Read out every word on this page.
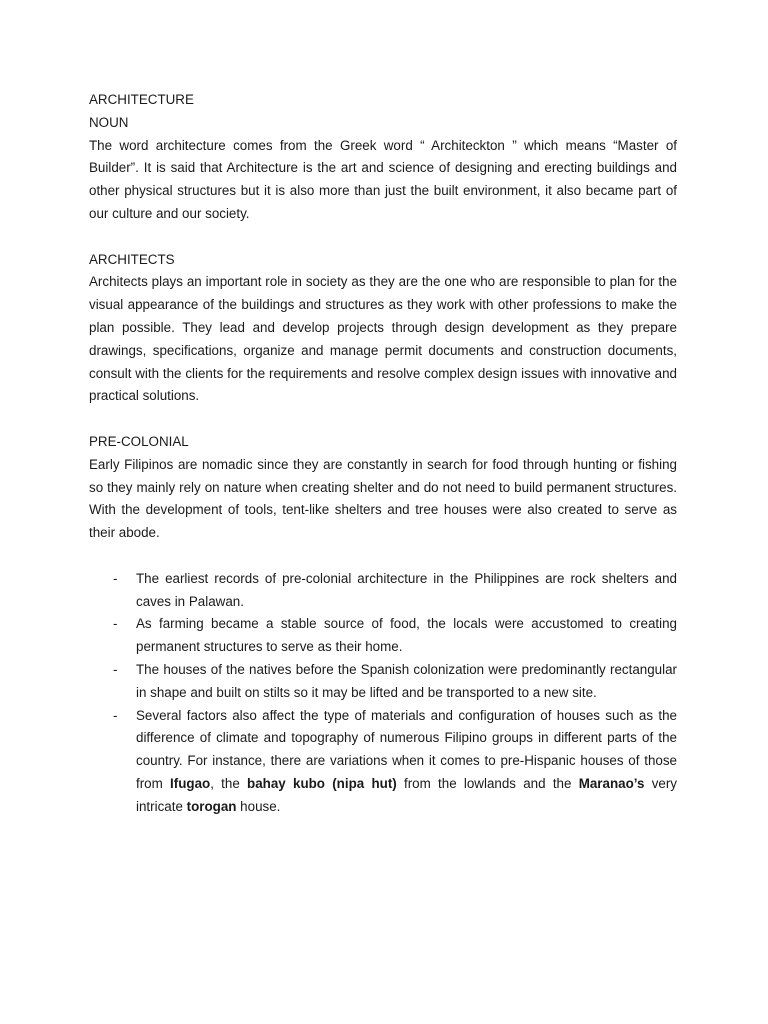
ARCHITECTURE
NOUN

The word architecture comes from the Greek word “ Architeckton ” which means “Master of Builder”. It is said that Architecture is the art and science of designing and erecting buildings and other physical structures but it is also more than just the built environment, it also became part of our culture and our society.

ARCHITECTS

Architects plays an important role in society as they are the one who are responsible to plan for the visual appearance of the buildings and structures as they work with other professions to make the plan possible. They lead and develop projects through design development as they prepare drawings, specifications, organize and manage permit documents and construction documents, consult with the clients for the requirements and resolve complex design issues with innovative and practical solutions.

PRE-COLONIAL

Early Filipinos are nomadic since they are constantly in search for food through hunting or fishing so they mainly rely on nature when creating shelter and do not need to build permanent structures. With the development of tools, tent-like shelters and tree houses were also created to serve as their abode.

- The earliest records of pre-colonial architecture in the Philippines are rock shelters and caves in Palawan.
- As farming became a stable source of food, the locals were accustomed to creating permanent structures to serve as their home.
- The houses of the natives before the Spanish colonization were predominantly rectangular in shape and built on stilts so it may be lifted and be transported to a new site.
- Several factors also affect the type of materials and configuration of houses such as the difference of climate and topography of numerous Filipino groups in different parts of the country. For instance, there are variations when it comes to pre-Hispanic houses of those from Ifugao, the bahay kubo (nipa hut) from the lowlands and the Maranao’s very intricate torogan house.
